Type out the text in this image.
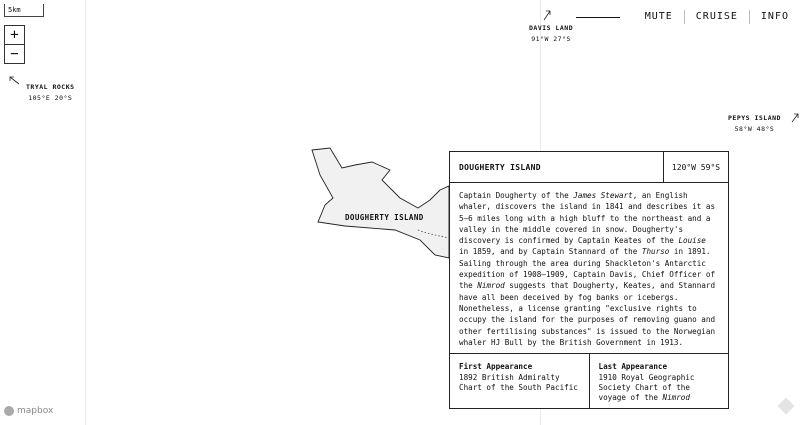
DOUGHERTY ISLAND
5km
+
−
TRYAL ROCKS
105°E 20°S
DAVIS LAND
91°W 27°S
PEPYS ISLAND
58°W 48°S
MUTE	CRUISE	INFO
DOUGHERTY ISLAND	120°W 59°S
Captain Dougherty of the James Stewart, an English whaler, discovers the island in 1841 and describes it as 5–6 miles long with a high bluff to the northeast and a valley in the middle covered in snow. Dougherty's discovery is confirmed by Captain Keates of the Louise in 1859, and by Captain Stannard of the Thurso in 1891. Sailing through the area during Shackleton's Antarctic expedition of 1908–1909, Captain Davis, Chief Officer of the Nimrod suggests that Dougherty, Keates, and Stannard have all been deceived by fog banks or icebergs. Nonetheless, a license granting "exclusive rights to occupy the island for the purposes of removing guano and other fertilising substances" is issued to the Norwegian whaler HJ Bull by the British Government in 1913.
First Appearance
1892 British Admiralty Chart of the South Pacific
Last Appearance
1910 Royal Geographic Society Chart of the voyage of the Nimrod
mapbox
